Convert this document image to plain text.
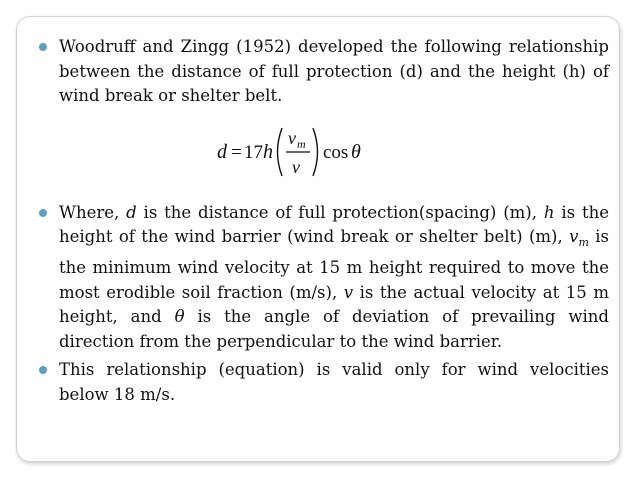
Woodruff and Zingg (1952) developed the following relationship between the distance of full protection (d) and the height (h) of wind break or shelter belt.
d = 17 h
v m
v
cos θ
Where, d is the distance of full protection(spacing) (m), h is the height of the wind barrier (wind break or shelter belt) (m), $v_m$ is the minimum wind velocity at 15 m height required to move the most erodible soil fraction (m/s), v is the actual velocity at 15 m height, and θ is the angle of deviation of prevailing wind direction from the perpendicular to the wind barrier.
This relationship (equation) is valid only for wind velocities below 18 m/s.
